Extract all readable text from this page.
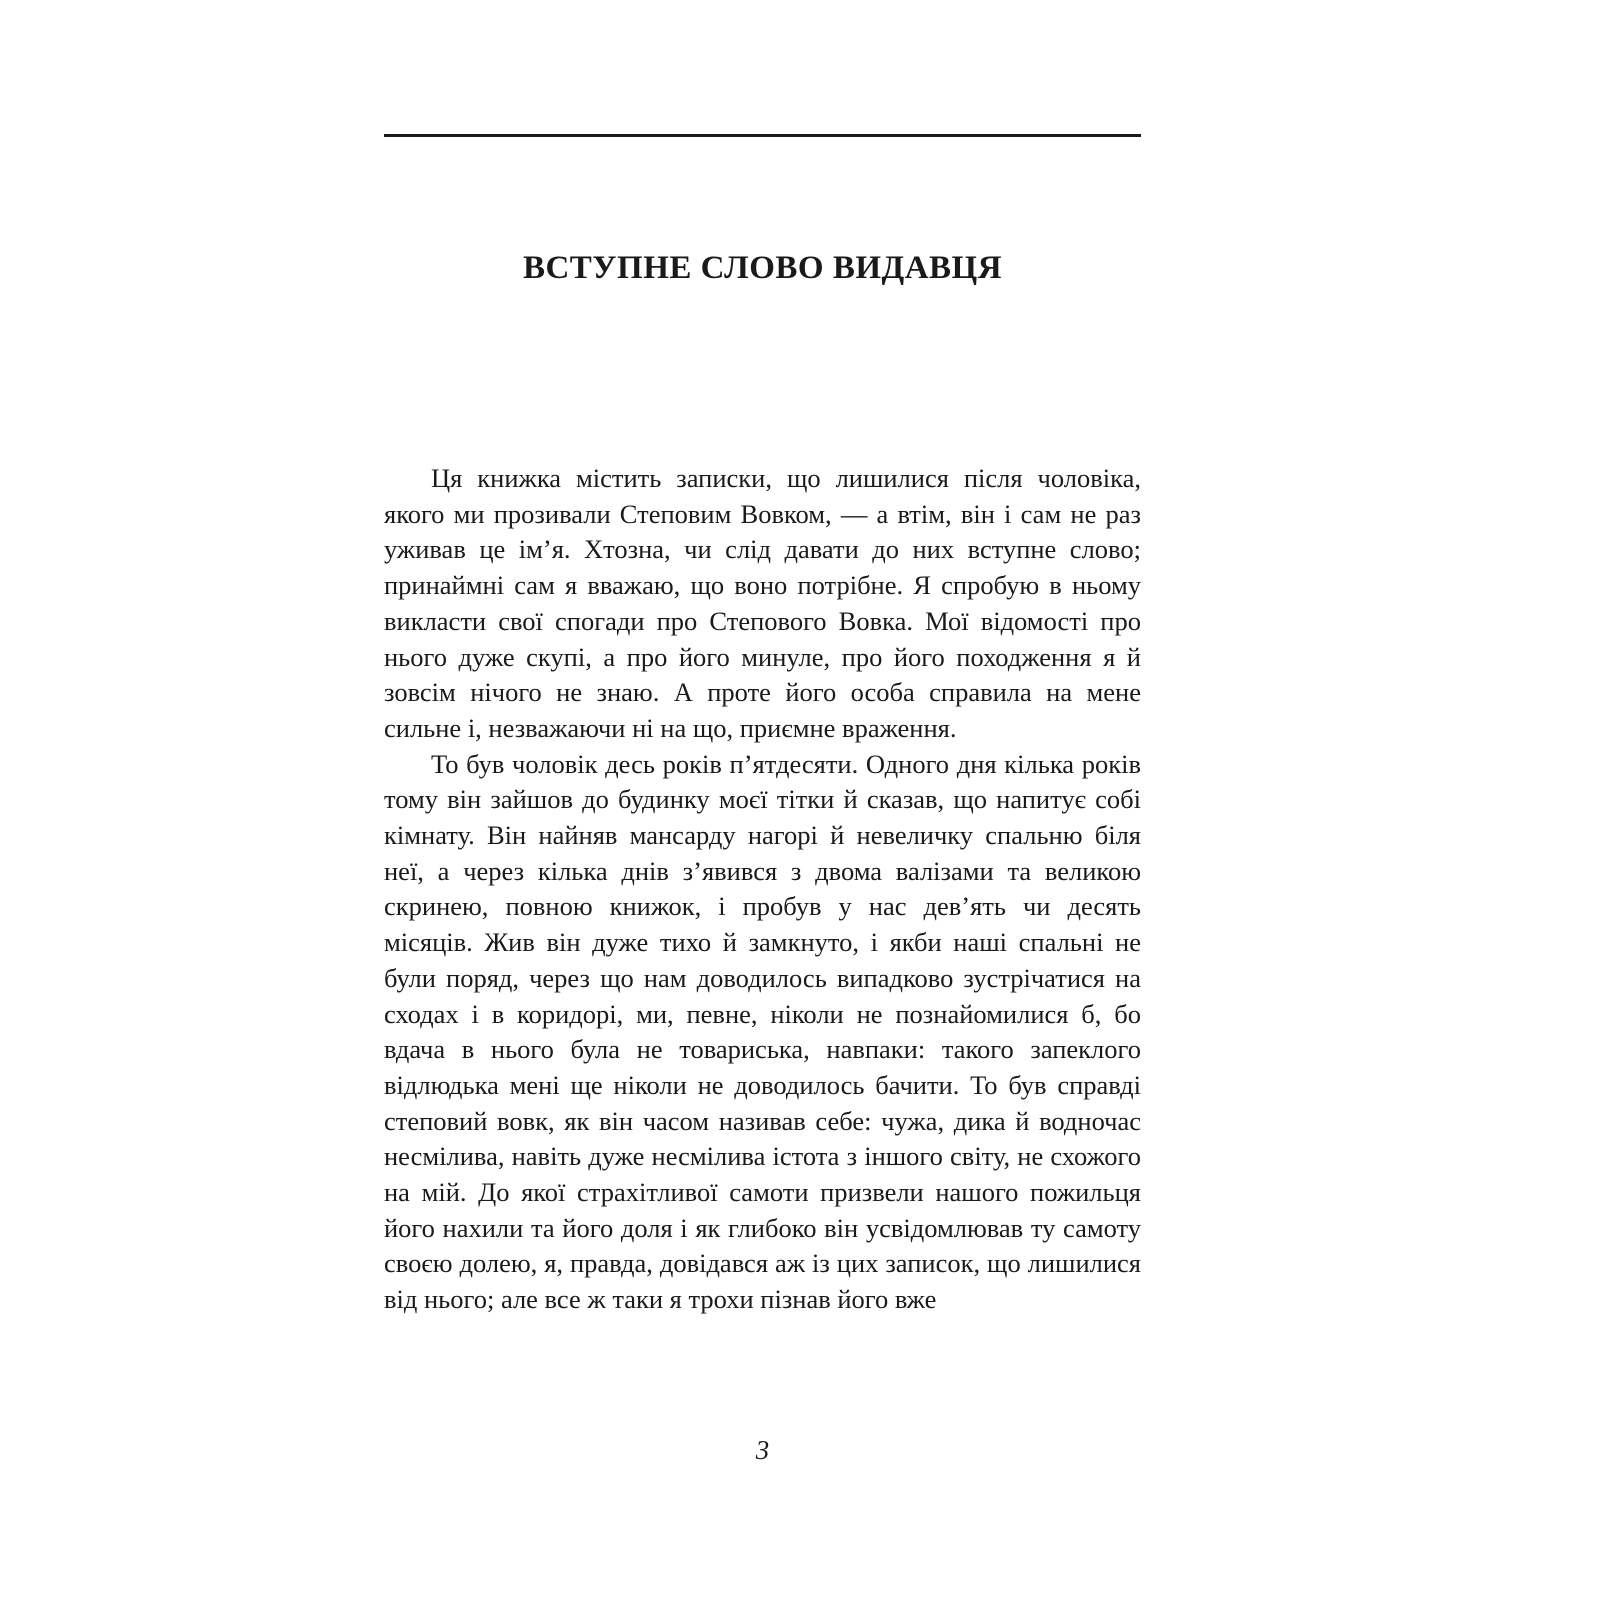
ВСТУПНЕ СЛОВО ВИДАВЦЯ

Ця книжка містить записки, що лишилися після чоловіка, якого ми прозивали Степовим Вовком, — а втім, він і сам не раз уживав це ім’я. Хтозна, чи слід давати до них вступне слово; принаймні сам я вважаю, що воно потрібне. Я спробую в ньому викласти свої спогади про Степового Вовка. Мої відомості про нього дуже скупі, а про його минуле, про його походження я й зовсім нічого не знаю. А проте його особа справила на мене сильне і, незважаючи ні на що, приємне враження.

То був чоловік десь років п’ятдесяти. Одного дня кілька років тому він зайшов до будинку моєї тітки й сказав, що напитує собі кімнату. Він найняв мансарду нагорі й невеличку спальню біля неї, а через кілька днів з’явився з двома валізами та великою скринею, повною книжок, і пробув у нас дев’ять чи десять місяців. Жив він дуже тихо й замкнуто, і якби наші спальні не були поряд, через що нам доводилось випадково зустрічатися на сходах і в коридорі, ми, певне, ніколи не познайомилися б, бо вдача в нього була не товариська, навпаки: такого запеклого відлюдька мені ще ніколи не доводилось бачити. То був справді степовий вовк, як він часом називав себе: чужа, дика й водночас несмілива, навіть дуже несмілива істота з іншого світу, не схожого на мій. До якої страхітливої самоти призвели нашого пожильця його нахили та його доля і як глибоко він усвідомлював ту самоту своєю долею, я, правда, довідався аж із цих записок, що лишилися від нього; але все ж таки я трохи пізнав його вже

3
